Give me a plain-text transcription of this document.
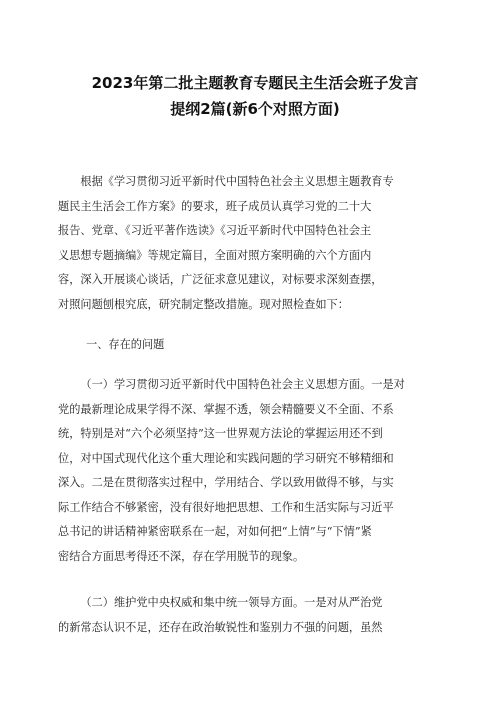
2023年第二批主题教育专题民主生活会班子发言
提纲2篇(新6个对照方面)

根据《学习贯彻习近平新时代中国特色社会主义思想主题教育专
题民主生活会工作方案》的要求，班子成员认真学习党的二十大
报告、党章、《习近平著作选读》《习近平新时代中国特色社会主
义思想专题摘编》等规定篇目，全面对照方案明确的六个方面内
容，深入开展谈心谈话，广泛征求意见建议，对标要求深刻查摆，
对照问题刨根究底，研究制定整改措施。现对照检查如下：

一、存在的问题

（一）学习贯彻习近平新时代中国特色社会主义思想方面。一是对
党的最新理论成果学得不深、掌握不透，领会精髓要义不全面、不系
统，特别是对“六个必须坚持”这一世界观方法论的掌握运用还不到
位，对中国式现代化这个重大理论和实践问题的学习研究不够精细和
深入。二是在贯彻落实过程中，学用结合、学以致用做得不够，与实
际工作结合不够紧密，没有很好地把思想、工作和生活实际与习近平
总书记的讲话精神紧密联系在一起，对如何把“上情”与“下情”紧
密结合方面思考得还不深，存在学用脱节的现象。

（二）维护党中央权威和集中统一领导方面。一是对从严治党
的新常态认识不足，还存在政治敏锐性和鉴别力不强的问题，虽然
